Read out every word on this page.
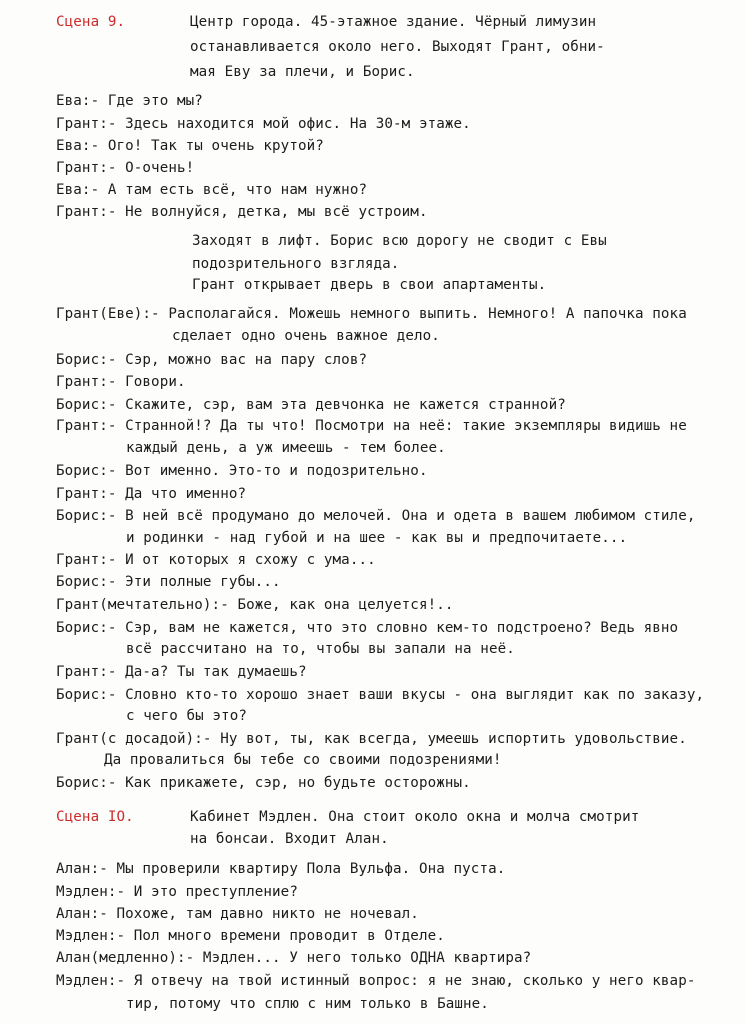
Сцена 9.	Центр города. 45-этажное здание. Чёрный лимузин
останавливается около него. Выходят Грант, обни-
мая Еву за плечи, и Борис.
Ева:- Где это мы?
Грант:- Здесь находится мой офис. На 30-м этаже.
Ева:- Ого! Так ты очень крутой?
Грант:- О-очень!
Ева:- А там есть всё, что нам нужно?
Грант:- Не волнуйся, детка, мы всё устроим.
Заходят в лифт. Борис всю дорогу не сводит с Евы
подозрительного взгляда.
Грант открывает дверь в свои апартаменты.
Грант(Еве):- Располагайся. Можешь немного выпить. Немного! А папочка пока
сделает одно очень важное дело.
Борис:- Сэр, можно вас на пару слов?
Грант:- Говори.
Борис:- Скажите, сэр, вам эта девчонка не кажется странной?
Грант:- Странной!? Да ты что! Посмотри на неё: такие экземпляры видишь не
каждый день, а уж имеешь - тем более.
Борис:- Вот именно. Это-то и подозрительно.
Грант:- Да что именно?
Борис:- В ней всё продумано до мелочей. Она и одета в вашем любимом стиле,
и родинки - над губой и на шее - как вы и предпочитаете...
Грант:- И от которых я схожу с ума...
Борис:- Эти полные губы...
Грант(мечтательно):- Боже, как она целуется!..
Борис:- Сэр, вам не кажется, что это словно кем-то подстроено? Ведь явно
всё рассчитано на то, чтобы вы запали на неё.
Грант:- Да-а? Ты так думаешь?
Борис:- Словно кто-то хорошо знает ваши вкусы - она выглядит как по заказу,
с чего бы это?
Грант(с досадой):- Ну вот, ты, как всегда, умеешь испортить удовольствие.
Да провалиться бы тебе со своими подозрениями!
Борис:- Как прикажете, сэр, но будьте осторожны.
Сцена IO.	Кабинет Мэдлен. Она стоит около окна и молча смотрит
на бонсаи. Входит Алан.
Алан:- Мы проверили квартиру Пола Вульфа. Она пуста.
Мэдлен:- И это преступление?
Алан:- Похоже, там давно никто не ночевал.
Мэдлен:- Пол много времени проводит в Отделе.
Алан(медленно):- Мэдлен... У него только ОДНА квартира?
Мэдлен:- Я отвечу на твой истинный вопрос: я не знаю, сколько у него квар-
тир, потому что сплю с ним только в Башне.
